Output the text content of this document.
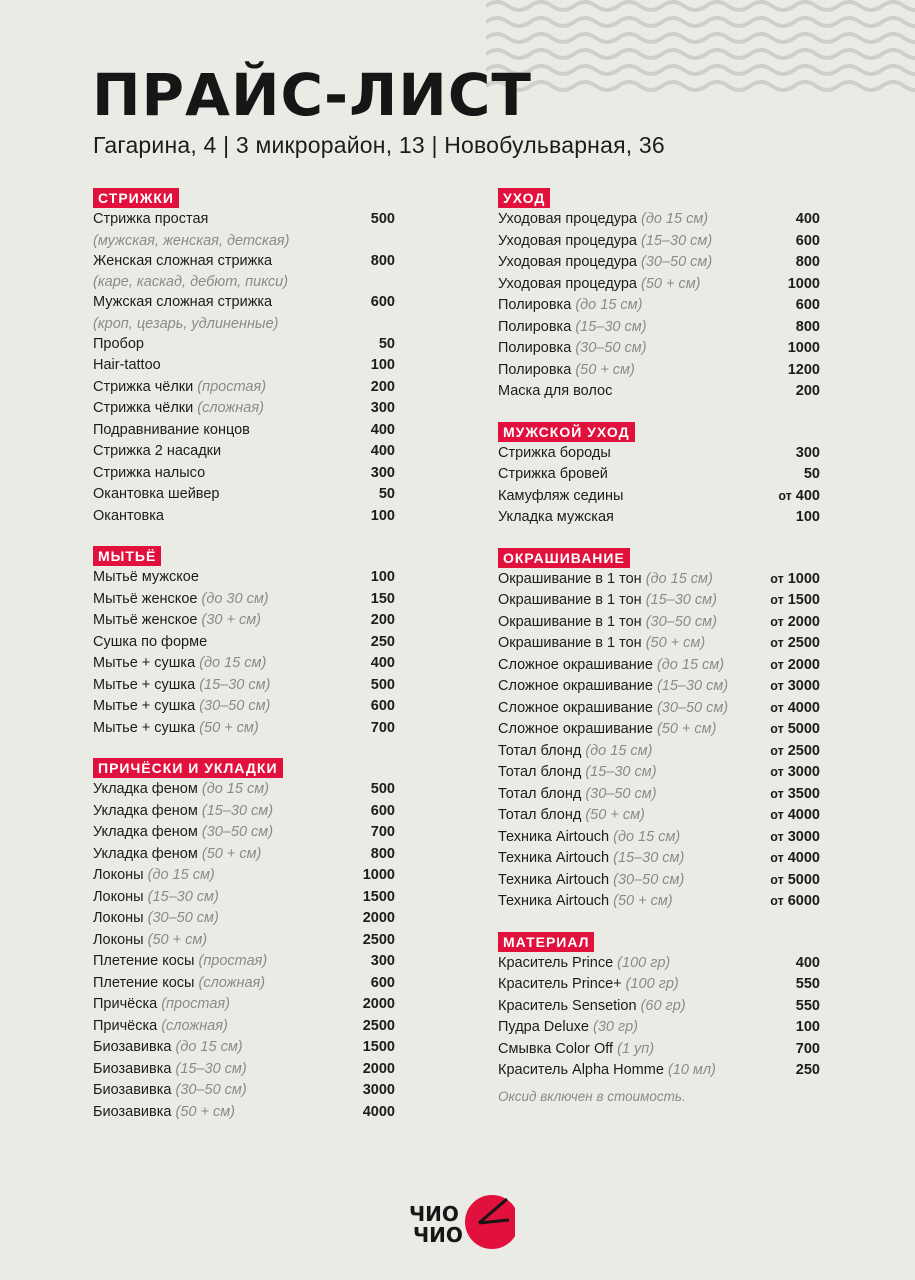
ПРАЙС-ЛИСТ
Гагарина, 4 | 3 микрорайон, 13 | Новобульварная, 36
СТРИЖКИ
Стрижка простая	500
(мужская, женская, детская)
Женская сложная стрижка	800
(каре, каскад, дебют, пикси)
Мужская сложная стрижка	600
(кроп, цезарь, удлиненные)
Пробор	50
Hair-tattoo	100
Стрижка чёлки (простая)	200
Стрижка чёлки (сложная)	300
Подравнивание концов	400
Стрижка 2 насадки	400
Стрижка налысо	300
Окантовка шейвер	50
Окантовка	100
МЫТЬЁ
Мытьё мужское	100
Мытьё женское (до 30 см)	150
Мытьё женское (30 + см)	200
Сушка по форме	250
Мытье + сушка (до 15 см)	400
Мытье + сушка (15–30 см)	500
Мытье + сушка (30–50 см)	600
Мытье + сушка (50 + см)	700
ПРИЧЁСКИ И УКЛАДКИ
Укладка феном (до 15 см)	500
Укладка феном (15–30 см)	600
Укладка феном (30–50 см)	700
Укладка феном (50 + см)	800
Локоны (до 15 см)	1000
Локоны (15–30 см)	1500
Локоны (30–50 см)	2000
Локоны (50 + см)	2500
Плетение косы (простая)	300
Плетение косы (сложная)	600
Причёска (простая)	2000
Причёска (сложная)	2500
Биозавивка (до 15 см)	1500
Биозавивка (15–30 см)	2000
Биозавивка (30–50 см)	3000
Биозавивка (50 + см)	4000
УХОД
Уходовая процедура (до 15 см)	400
Уходовая процедура (15–30 см)	600
Уходовая процедура (30–50 см)	800
Уходовая процедура (50 + см)	1000
Полировка (до 15 см)	600
Полировка (15–30 см)	800
Полировка (30–50 см)	1000
Полировка (50 + см)	1200
Маска для волос	200
МУЖСКОЙ УХОД
Стрижка бороды	300
Стрижка бровей	50
Камуфляж седины	от 400
Укладка мужская	100
ОКРАШИВАНИЕ
Окрашивание в 1 тон (до 15 см)	от 1000
Окрашивание в 1 тон (15–30 см)	от 1500
Окрашивание в 1 тон (30–50 см)	от 2000
Окрашивание в 1 тон (50 + см)	от 2500
Сложное окрашивание (до 15 см)	от 2000
Сложное окрашивание (15–30 см)	от 3000
Сложное окрашивание (30–50 см)	от 4000
Сложное окрашивание (50 + см)	от 5000
Тотал блонд (до 15 см)	от 2500
Тотал блонд (15–30 см)	от 3000
Тотал блонд (30–50 см)	от 3500
Тотал блонд (50 + см)	от 4000
Техника Airtouch (до 15 см)	от 3000
Техника Airtouch (15–30 см)	от 4000
Техника Airtouch (30–50 см)	от 5000
Техника Airtouch (50 + см)	от 6000
МАТЕРИАЛ
Краситель Prince (100 гр)	400
Краситель Prince+ (100 гр)	550
Краситель Sensetion (60 гр)	550
Пудра Deluxe (30 гр)	100
Смывка Color Off (1 уп)	700
Краситель Alpha Homme (10 мл)	250
Оксид включен в стоимость.
ЧИО
ЧИО
